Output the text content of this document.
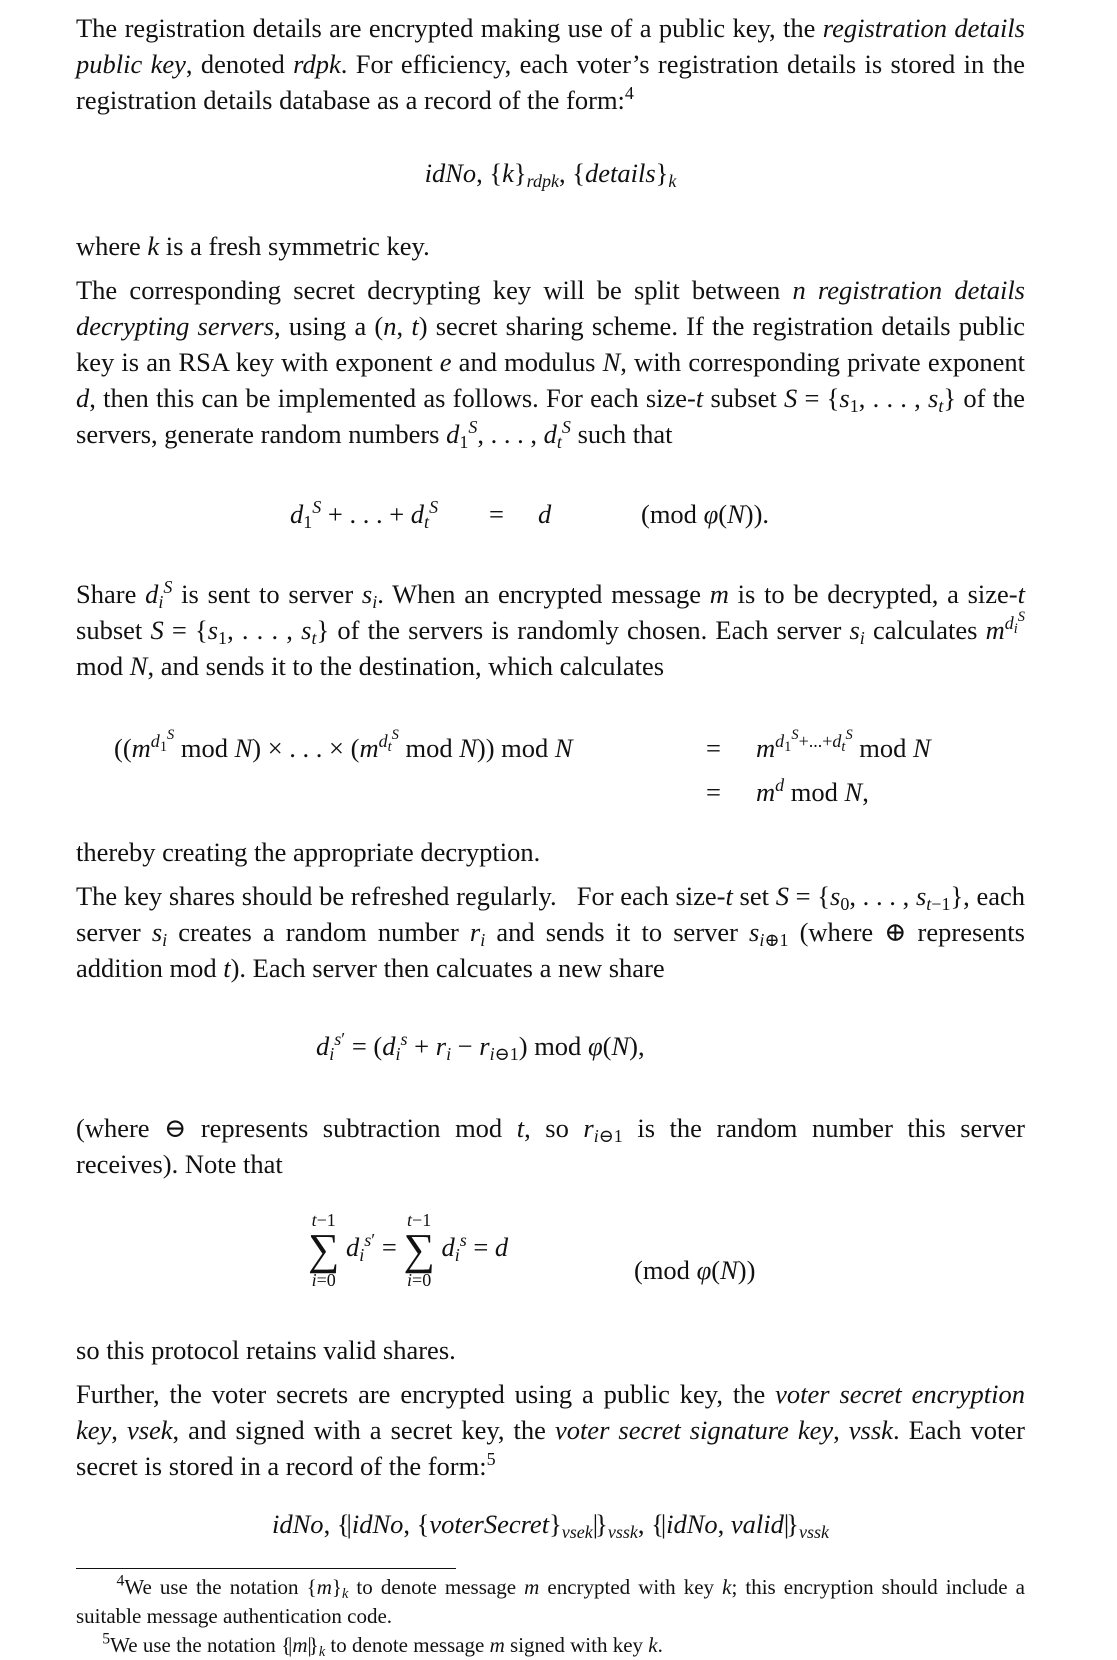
The registration details are encrypted making use of a public key, the registration details public key, denoted rdpk. For efficiency, each voter’s registration details is stored in the registration details database as a record of the form:$^4$

idNo, $\{k\}_{rdpk}$, $\{details\}_k$

where k is a fresh symmetric key.

The corresponding secret decrypting key will be split between n registration details decrypting servers, using a (n, t) secret sharing scheme. If the registration details public key is an RSA key with exponent e and modulus N, with corresponding private exponent d, then this can be implemented as follows. For each size-t subset $S = \{s_1$, . . . , $s_t$} of the servers, generate random numbers $d_1^S$, . . . , $d_t^S$ such that

$d_1^S$ + . . . + $d_t^S = d$	(mod φ(N)).

Share $d_i^S$ is sent to server $s_i$. When an encrypted message m is to be decrypted, a size-t subset $S = \{s_1$, . . . , $s_t$} of the servers is randomly chosen. Each server $s_i$ calculates $m^{d_i^S}$ mod N, and sends it to the destination, which calculates

(($m^{d_1^S}$ mod N) × . . . × ($m^{d_t^S}$ mod N)) mod N	= $m^{d_1^S+...+d_t^S}$ mod N
= $m^d$ mod N,

thereby creating the appropriate decryption.

The key shares should be refreshed regularly.   For each size-t set $S = \{s_0$, . . . , $s_{t-1}$}, each server $s_i$ creates a random number $r_i$ and sends it to server $s_{i\oplus 1}$ (where ⊕ represents addition mod t). Each server then calcuates a new share

$d_i^{s'} = (d_i^s + r_i - r_{i⊖1})$ mod φ(N),

(where ⊖ represents subtraction mod t, so $r_{i⊖1}$ is the random number this server receives). Note that

t−1
∑
i=0
$d_i^{s'}$ =
t−1
∑
i=0
$d_i^s = d$
(mod φ(N))

so this protocol retains valid shares.

Further, the voter secrets are encrypted using a public key, the voter secret encryption key, vsek, and signed with a secret key, the voter secret signature key, vssk. Each voter secret is stored in a record of the form:$^5$

idNo, {| idNo, $\{voterSecret\}_{vsek}|$} $_{vssk}$, {| idNo, valid|} $_{vssk}$

$^4$We use the notation $\{m\}_k$ to denote message m encrypted with key k; this encryption should include a suitable message authentication code.

$^5$We use the notation {| m|} $_k$ to denote message m signed with key k.
